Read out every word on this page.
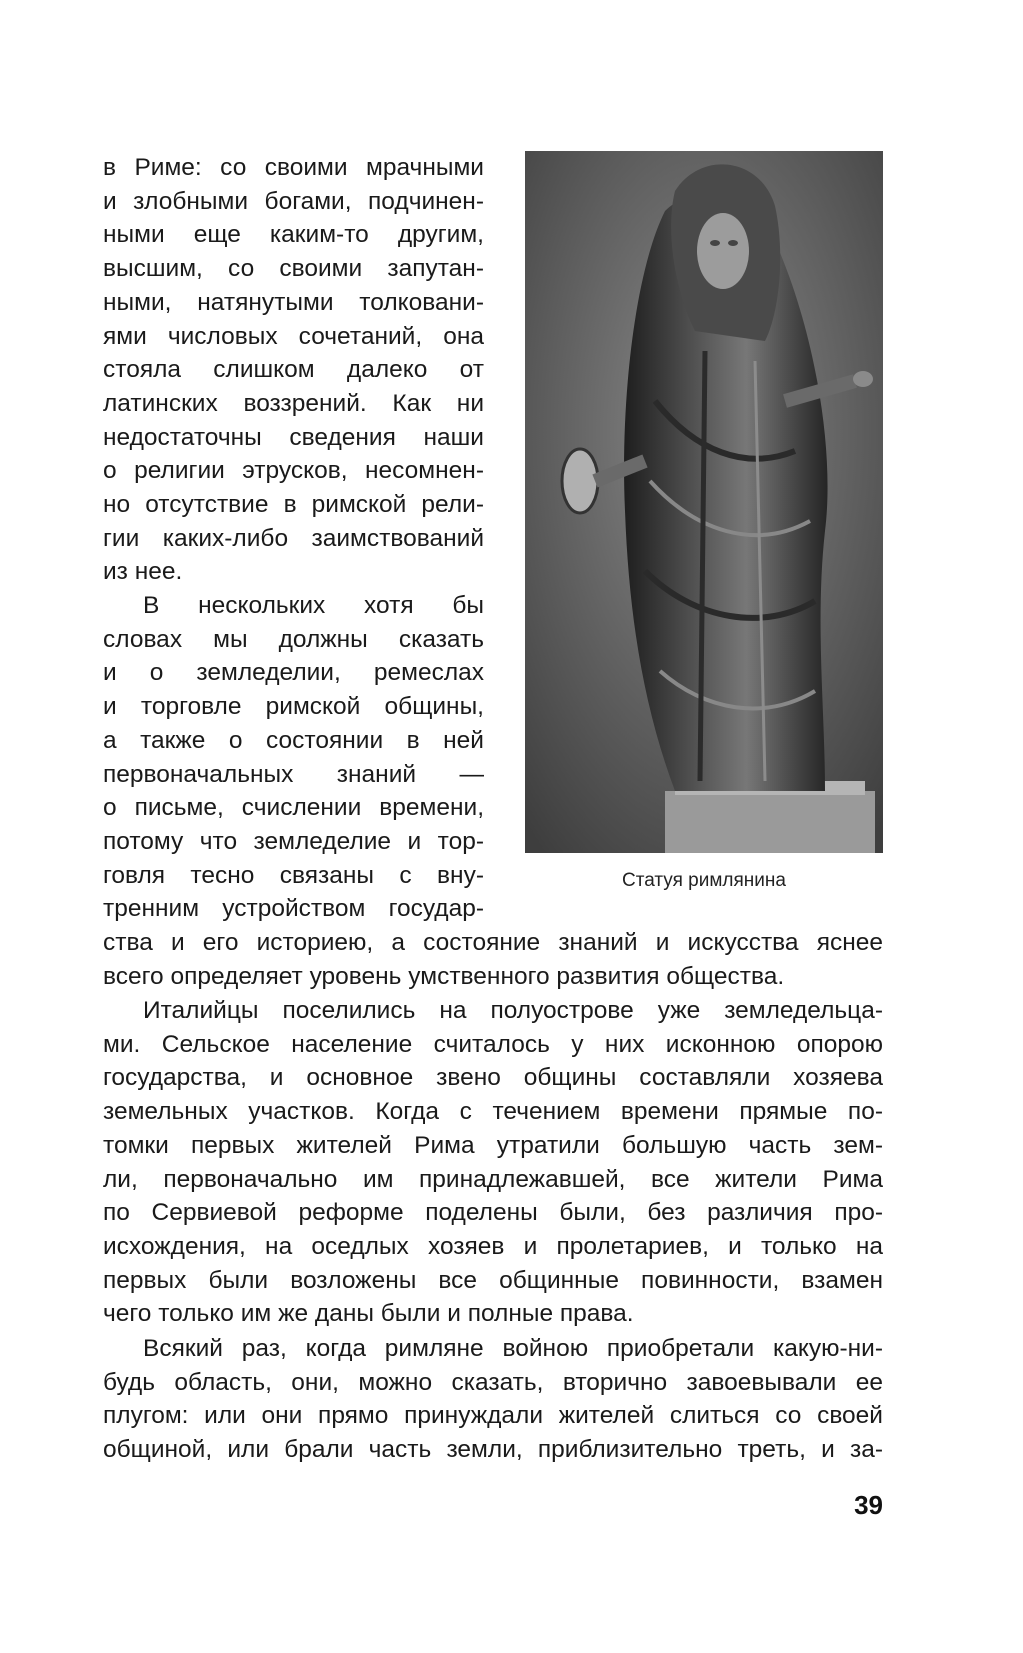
Статуя римлянина
в Риме: со своими мрачными
и злобными богами, подчинен-
ными еще каким-то другим,
высшим, со своими запутан-
ными, натянутыми толковани-
ями числовых сочетаний, она
стояла слишком далеко от
латинских воззрений. Как ни
недостаточны сведения наши
о религии этрусков, несомнен-
но отсутствие в римской рели-
гии каких-либо заимствований
из нее.
В нескольких хотя бы
словах мы должны сказать
и о земледелии, ремеслах
и торговле римской общины,
а также о состоянии в ней
первоначальных знаний —
о письме, счислении времени,
потому что земледелие и тор-
говля тесно связаны с вну-
тренним устройством государ-
ства и его историею, а состояние знаний и искусства яснее
всего определяет уровень умственного развития общества.
Италийцы поселились на полуострове уже земледельца-
ми. Сельское население считалось у них исконною опорою
государства, и основное звено общины составляли хозяева
земельных участков. Когда с течением времени прямые по-
томки первых жителей Рима утратили большую часть зем-
ли, первоначально им принадлежавшей, все жители Рима
по Сервиевой реформе поделены были, без различия про-
исхождения, на оседлых хозяев и пролетариев, и только на
первых были возложены все общинные повинности, взамен
чего только им же даны были и полные права.
Всякий раз, когда римляне войною приобретали какую-ни-
будь область, они, можно сказать, вторично завоевывали ее
плугом: или они прямо принуждали жителей слиться со своей
общиной, или брали часть земли, приблизительно треть, и за-
39
